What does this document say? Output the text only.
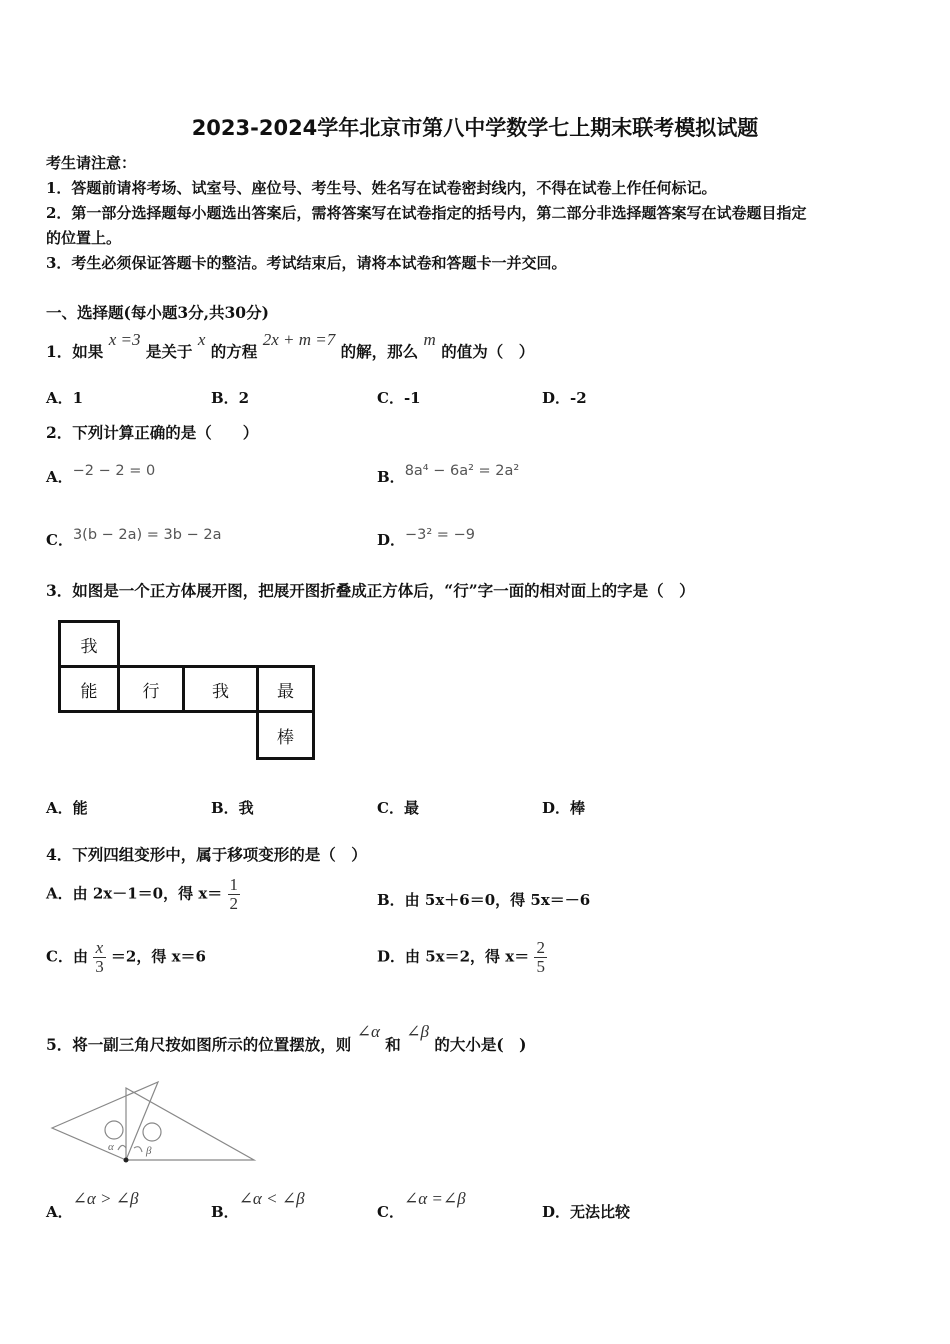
2023-2024学年北京市第八中学数学七上期末联考模拟试题
考生请注意：
1．答题前请将考场、试室号、座位号、考生号、姓名写在试卷密封线内，不得在试卷上作任何标记。
2．第一部分选择题每小题选出答案后，需将答案写在试卷指定的括号内，第二部分非选择题答案写在试卷题目指定
的位置上。
3．考生必须保证答题卡的整洁。考试结束后，请将本试卷和答题卡一并交回。
一、选择题(每小题3分,共30分)
1．如果 x =3 是关于 x 的方程 2x + m =7 的解，那么 m 的值为（　）
A．1	B．2	C．-1	D．-2
2．下列计算正确的是（　　）
A．−2 − 2 = 0	B．8a⁴ − 6a² = 2a²
C．3(b − 2a) = 3b − 2a	D．−3² = −9
3．如图是一个正方体展开图，把展开图折叠成正方体后，“行”字一面的相对面上的字是（　）
我
能	行	我	最
棒
A．能	B．我	C．最	D．棒
4．下列四组变形中，属于移项变形的是（　）
A．由 2x－1＝0，得 $x= \frac{1}{2}$	B．由 5x＋6＝0，得 5x＝－6
C．由 $\frac{x}{3} =2$，得 x＝6	D．由 5x＝2，得 $x= \frac{2}{5}$
5．将一副三角尺按如图所示的位置摆放，则 ∠α 和 ∠β 的大小是(　)
α	β
A．∠α > ∠β
B．∠α < ∠β
C．∠α =∠β
D．无法比较
